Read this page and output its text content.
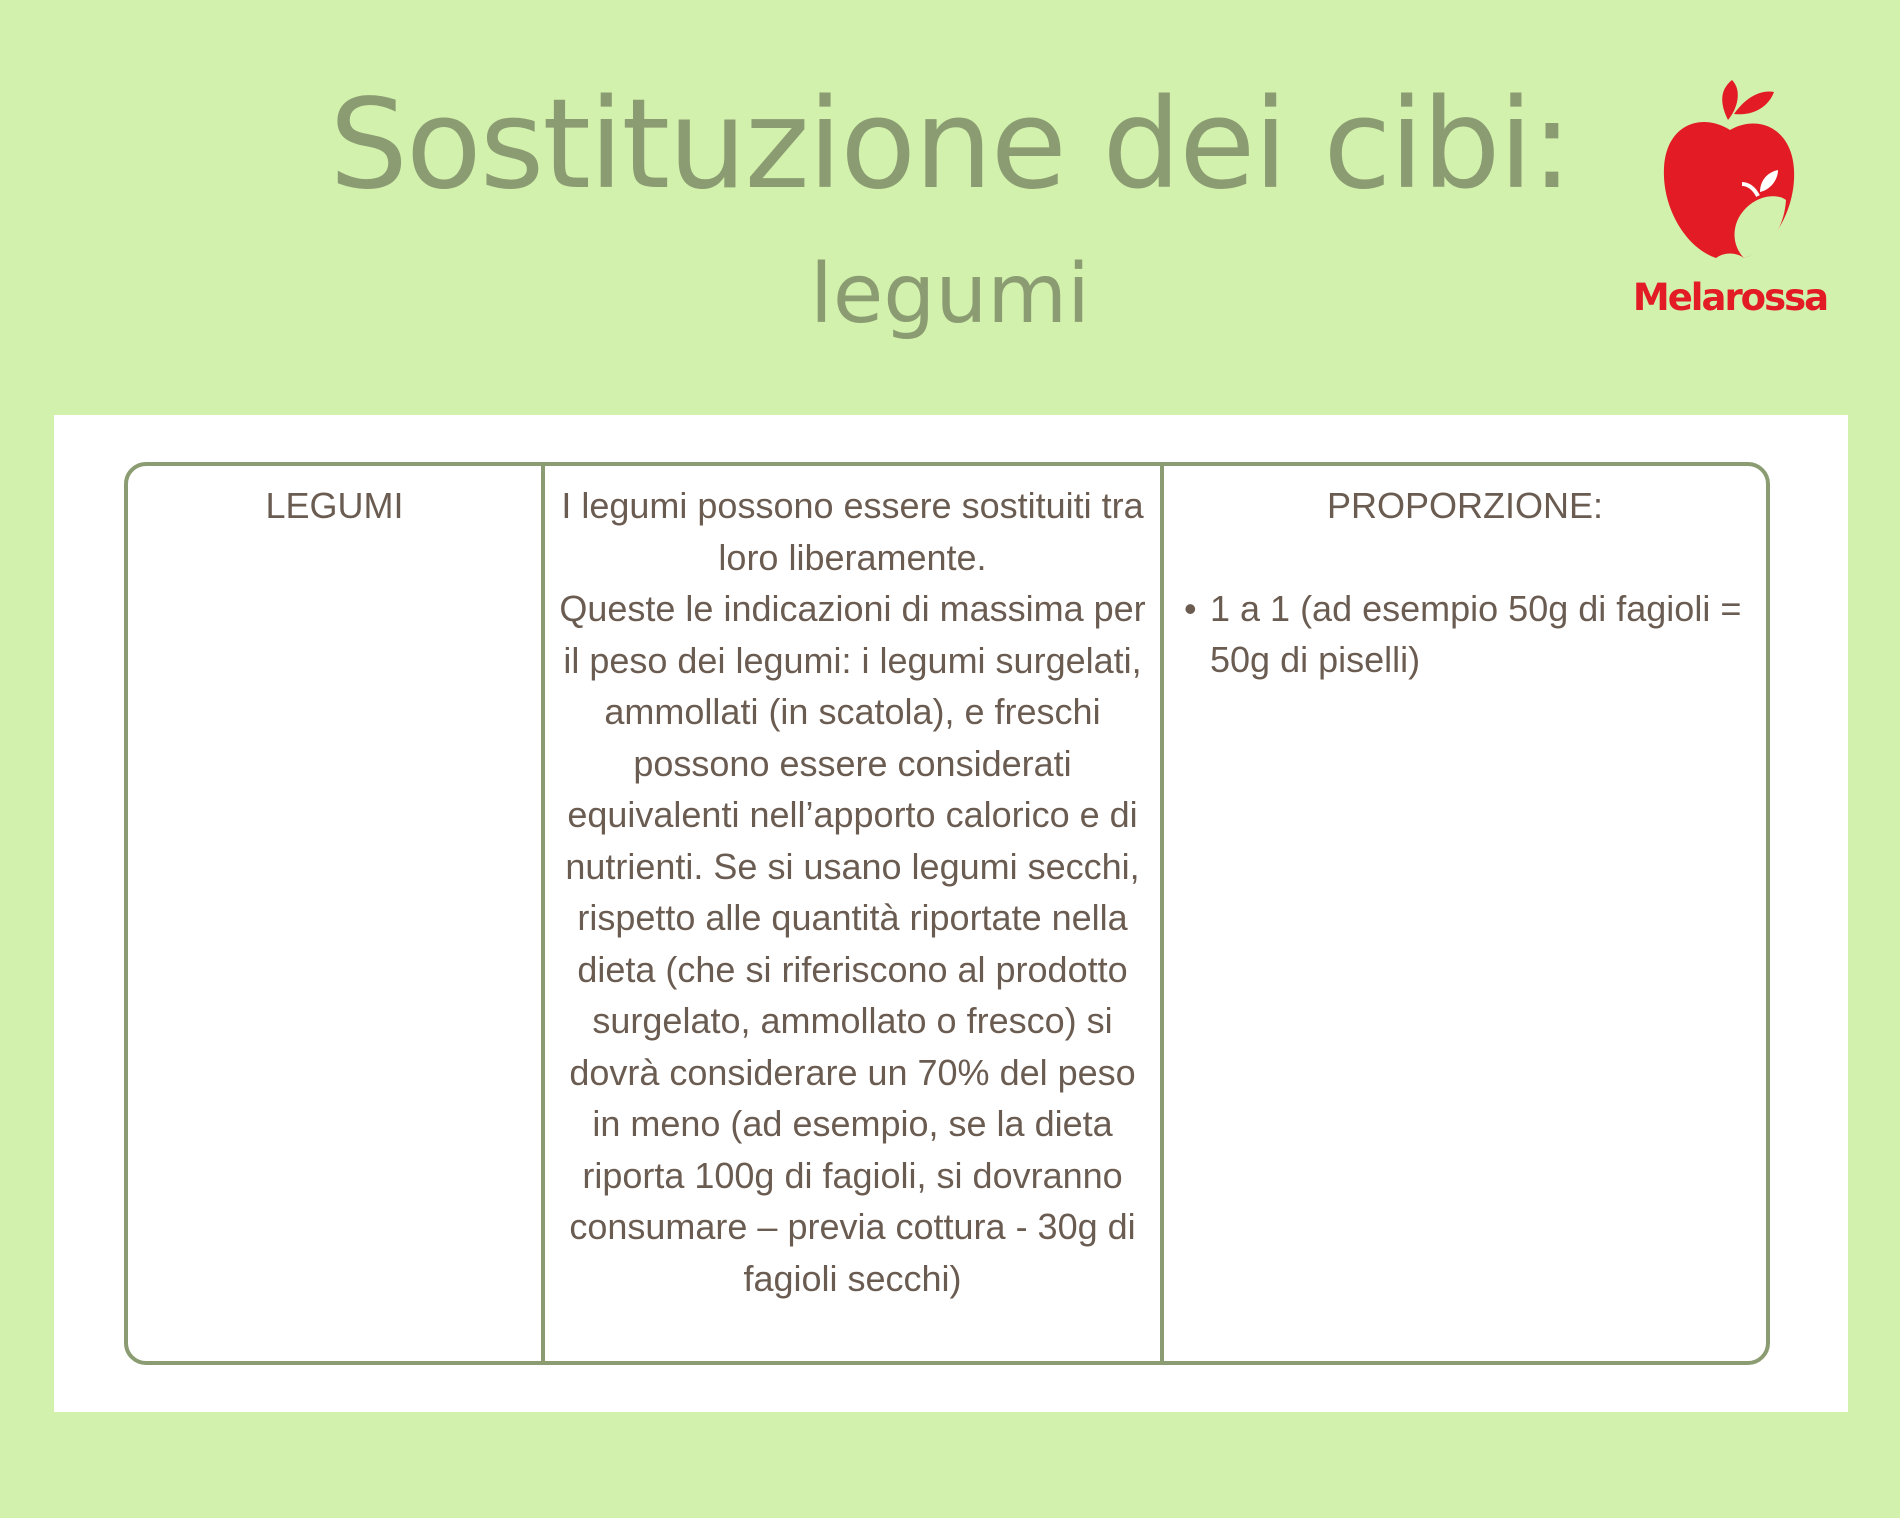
Sostituzione dei cibi:
legumi	Melarossa
LEGUMI	I legumi possono essere sostituiti tra loro liberamente.
Queste le indicazioni di massima per il peso dei legumi: i legumi surgelati, ammollati (in scatola), e freschi possono essere considerati equivalenti nell’apporto calorico e di nutrienti. Se si usano legumi secchi, rispetto alle quantità riportate nella dieta (che si riferiscono al prodotto surgelato, ammollato o fresco) si dovrà considerare un 70% del peso in meno (ad esempio, se la dieta riporta 100g di fagioli, si dovranno consumare – previa cottura - 30g di fagioli secchi)
PROPORZIONE:
• 1 a 1 (ad esempio 50g di fagioli = 50g di piselli)
